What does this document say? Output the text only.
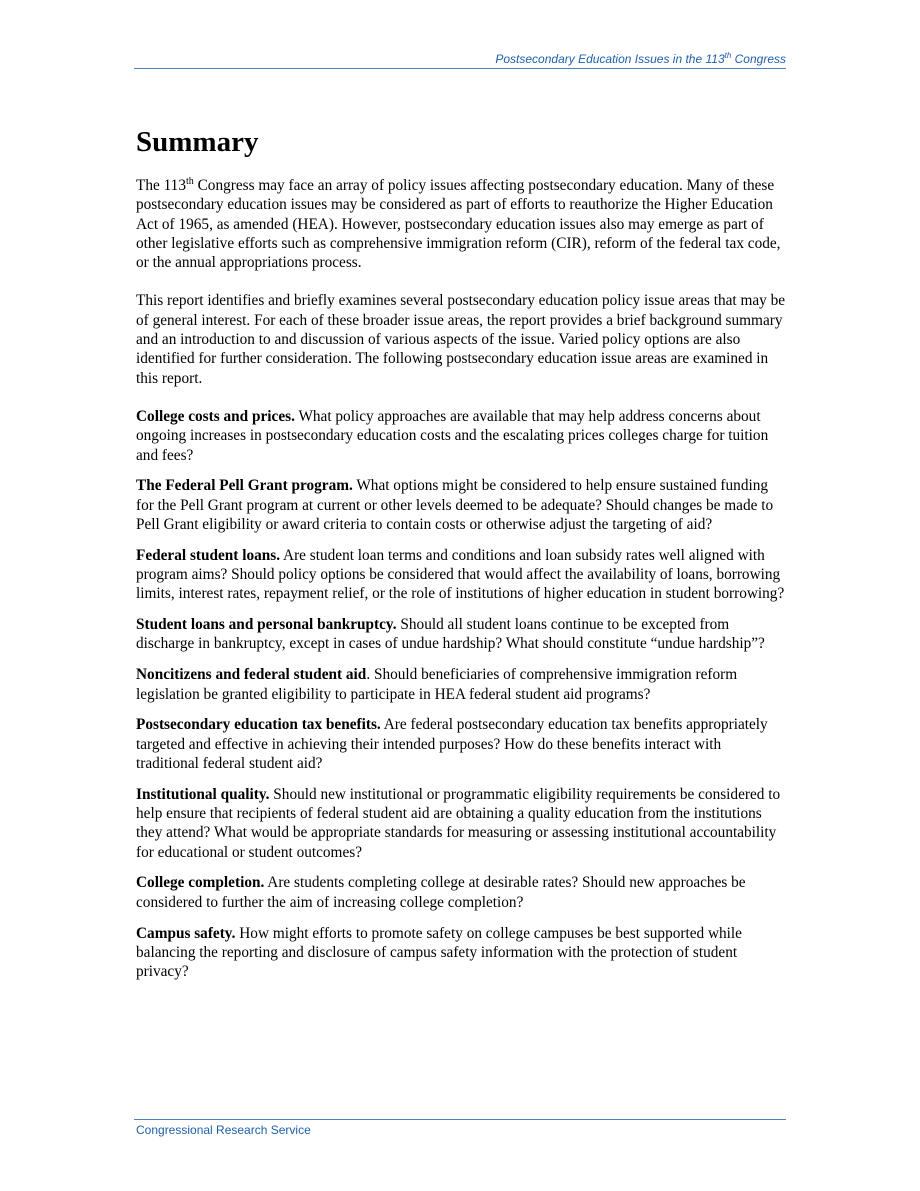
Postsecondary Education Issues in the 113th Congress
Summary

The 113th Congress may face an array of policy issues affecting postsecondary education. Many of these postsecondary education issues may be considered as part of efforts to reauthorize the Higher Education Act of 1965, as amended (HEA). However, postsecondary education issues also may emerge as part of other legislative efforts such as comprehensive immigration reform (CIR), reform of the federal tax code, or the annual appropriations process.

This report identifies and briefly examines several postsecondary education policy issue areas that may be of general interest. For each of these broader issue areas, the report provides a brief background summary and an introduction to and discussion of various aspects of the issue. Varied policy options are also identified for further consideration. The following postsecondary education issue areas are examined in this report.

College costs and prices. What policy approaches are available that may help address concerns about ongoing increases in postsecondary education costs and the escalating prices colleges charge for tuition and fees?

The Federal Pell Grant program. What options might be considered to help ensure sustained funding for the Pell Grant program at current or other levels deemed to be adequate? Should changes be made to Pell Grant eligibility or award criteria to contain costs or otherwise adjust the targeting of aid?

Federal student loans. Are student loan terms and conditions and loan subsidy rates well aligned with program aims? Should policy options be considered that would affect the availability of loans, borrowing limits, interest rates, repayment relief, or the role of institutions of higher education in student borrowing?

Student loans and personal bankruptcy. Should all student loans continue to be excepted from discharge in bankruptcy, except in cases of undue hardship? What should constitute “undue hardship”?

Noncitizens and federal student aid. Should beneficiaries of comprehensive immigration reform legislation be granted eligibility to participate in HEA federal student aid programs?

Postsecondary education tax benefits. Are federal postsecondary education tax benefits appropriately targeted and effective in achieving their intended purposes? How do these benefits interact with traditional federal student aid?

Institutional quality. Should new institutional or programmatic eligibility requirements be considered to help ensure that recipients of federal student aid are obtaining a quality education from the institutions they attend? What would be appropriate standards for measuring or assessing institutional accountability for educational or student outcomes?

College completion. Are students completing college at desirable rates? Should new approaches be considered to further the aim of increasing college completion?

Campus safety. How might efforts to promote safety on college campuses be best supported while balancing the reporting and disclosure of campus safety information with the protection of student privacy?

Congressional Research Service
